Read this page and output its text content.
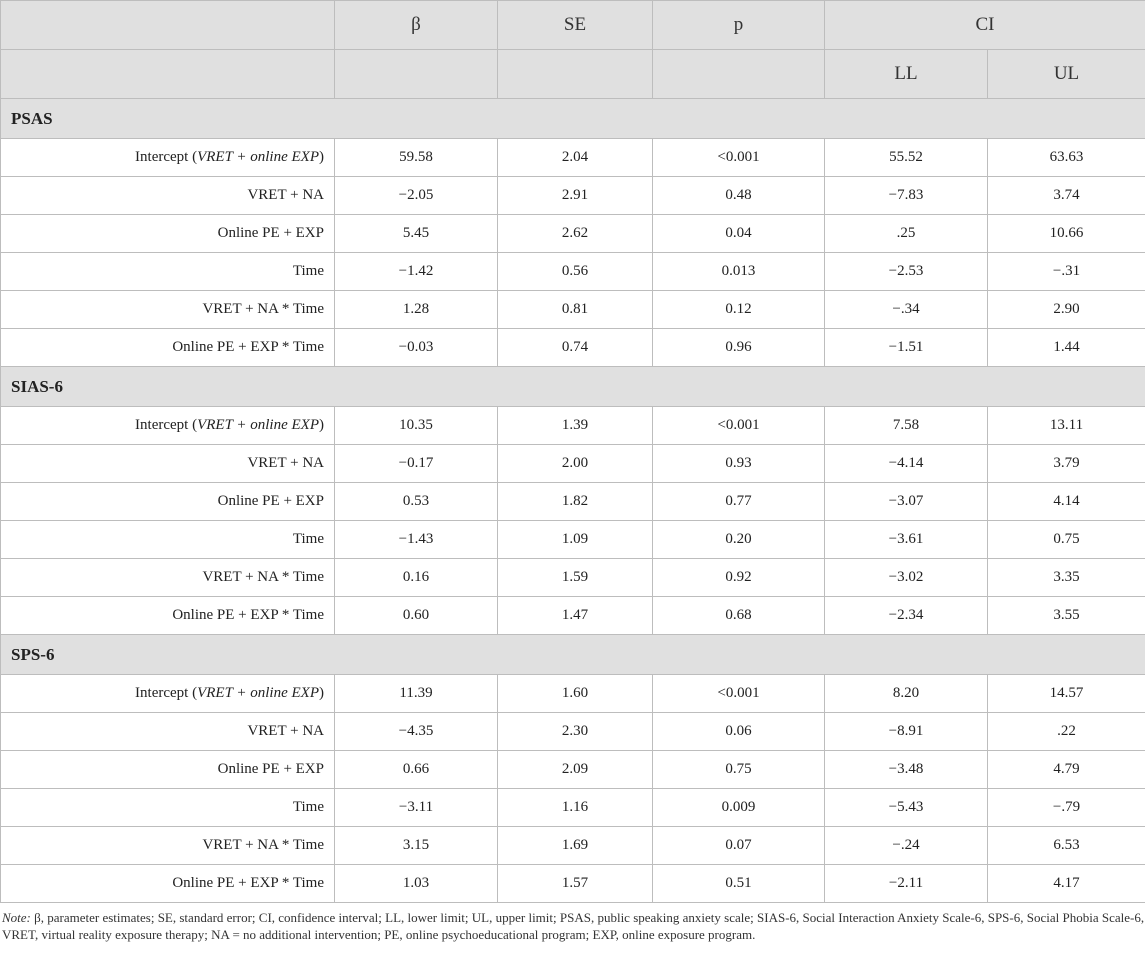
	β	SE	p	CI	
				LL	UL
PSAS					
Intercept (VRET + online EXP)	59.58	2.04	<0.001	55.52	63.63
VRET + NA	−2.05	2.91	0.48	−7.83	3.74
Online PE + EXP	5.45	2.62	0.04	.25	10.66
Time	−1.42	0.56	0.013	−2.53	−.31
VRET + NA * Time	1.28	0.81	0.12	−.34	2.90
Online PE + EXP * Time	−0.03	0.74	0.96	−1.51	1.44
SIAS-6					
Intercept (VRET + online EXP)	10.35	1.39	<0.001	7.58	13.11
VRET + NA	−0.17	2.00	0.93	−4.14	3.79
Online PE + EXP	0.53	1.82	0.77	−3.07	4.14
Time	−1.43	1.09	0.20	−3.61	0.75
VRET + NA * Time	0.16	1.59	0.92	−3.02	3.35
Online PE + EXP * Time	0.60	1.47	0.68	−2.34	3.55
SPS-6					
Intercept (VRET + online EXP)	11.39	1.60	<0.001	8.20	14.57
VRET + NA	−4.35	2.30	0.06	−8.91	.22
Online PE + EXP	0.66	2.09	0.75	−3.48	4.79
Time	−3.11	1.16	0.009	−5.43	−.79
VRET + NA * Time	3.15	1.69	0.07	−.24	6.53
Online PE + EXP * Time	1.03	1.57	0.51	−2.11	4.17

Note: β, parameter estimates; SE, standard error; CI, confidence interval; LL, lower limit; UL, upper limit; PSAS, public speaking anxiety scale; SIAS-6, Social Interaction Anxiety Scale-6, SPS-6, Social Phobia Scale-6, VRET, virtual reality exposure therapy; NA = no additional intervention; PE, online psychoeducational program; EXP, online exposure program.
